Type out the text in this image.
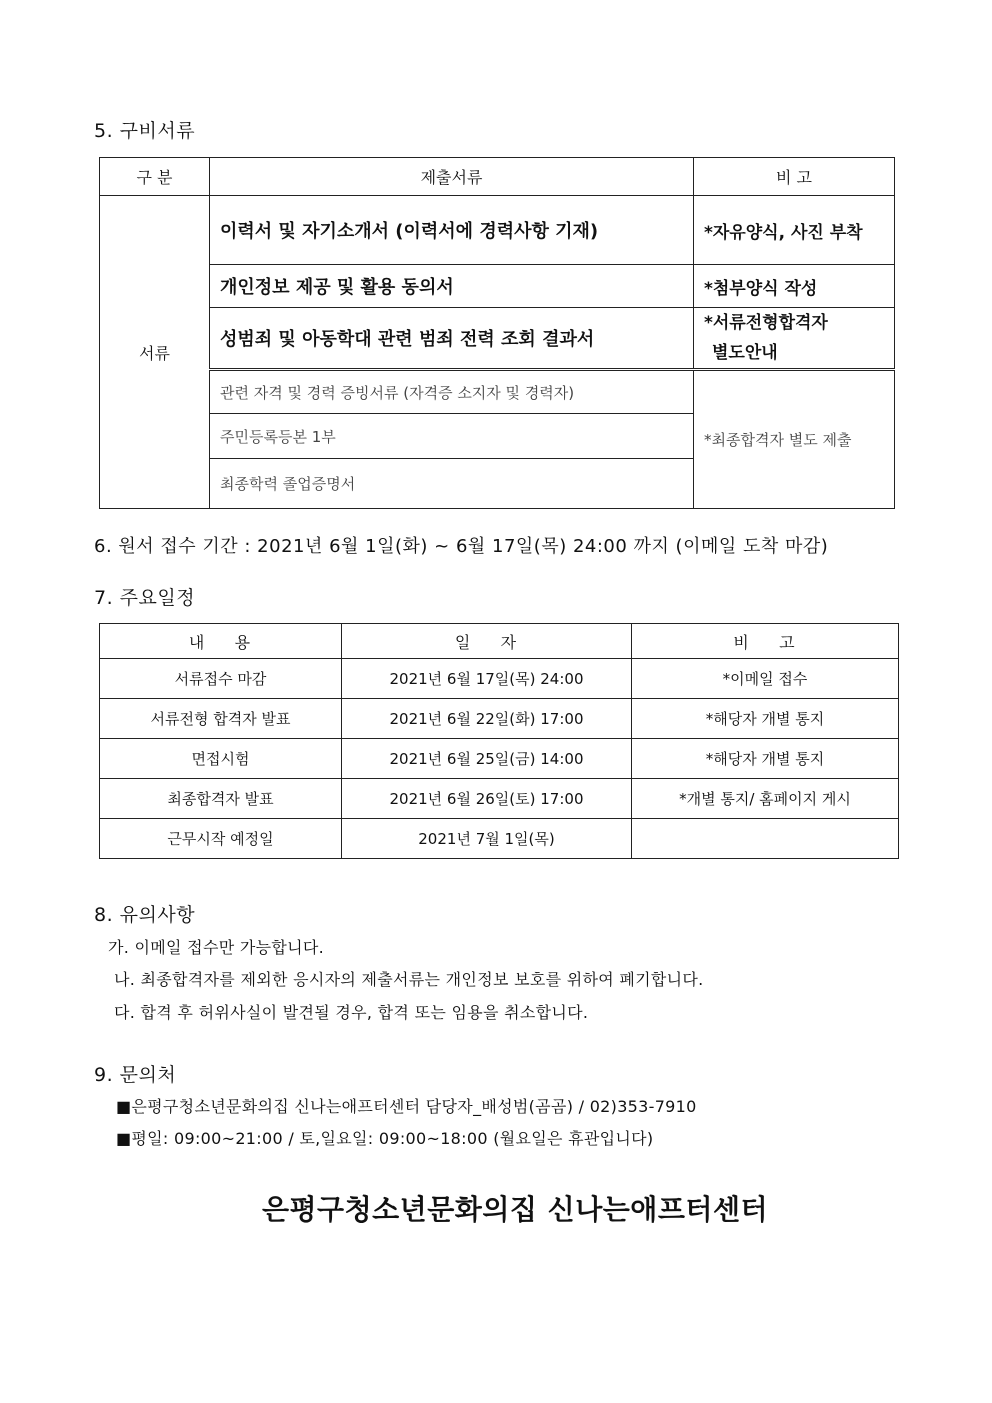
5. 구비서류
구 분	제출서류	비 고
서류	이력서 및 자기소개서 (이력서에 경력사항 기재)	*자유양식, 사진 부착
	개인정보 제공 및 활용 동의서	*첨부양식 작성
	성범죄 및 아동학대 관련 범죄 전력 조회 결과서	*서류전형합격자
별도안내

	관련 자격 및 경력 증빙서류 (자격증 소지자 및 경력자)	*최종합격자 별도 제출
	주민등록등본 1부	
	최종학력 졸업증명서	
6. 원서 접수 기간 : 2021년 6월 1일(화) ~ 6월 17일(목) 24:00 까지 (이메일 도착 마감)
7. 주요일정
내    용	일    자	비    고
서류접수 마감	2021년 6월 17일(목) 24:00	*이메일 접수
서류전형 합격자 발표	2021년 6월 22일(화) 17:00	*해당자 개별 통지
면접시험	2021년 6월 25일(금) 14:00	*해당자 개별 통지
최종합격자 발표	2021년 6월 26일(토) 17:00	*개별 통지/ 홈페이지 게시
근무시작 예정일	2021년 7월 1일(목)	
8. 유의사항
가. 이메일 접수만 가능합니다.
나. 최종합격자를 제외한 응시자의 제출서류는 개인정보 보호를 위하여 폐기합니다.
다. 합격 후 허위사실이 발견될 경우, 합격 또는 임용을 취소합니다.
9. 문의처
■은평구청소년문화의집 신나는애프터센터 담당자_배성범(곰곰) / 02)353-7910
■평일: 09:00~21:00 / 토,일요일: 09:00~18:00 (월요일은 휴관입니다)
은평구청소년문화의집 신나는애프터센터
